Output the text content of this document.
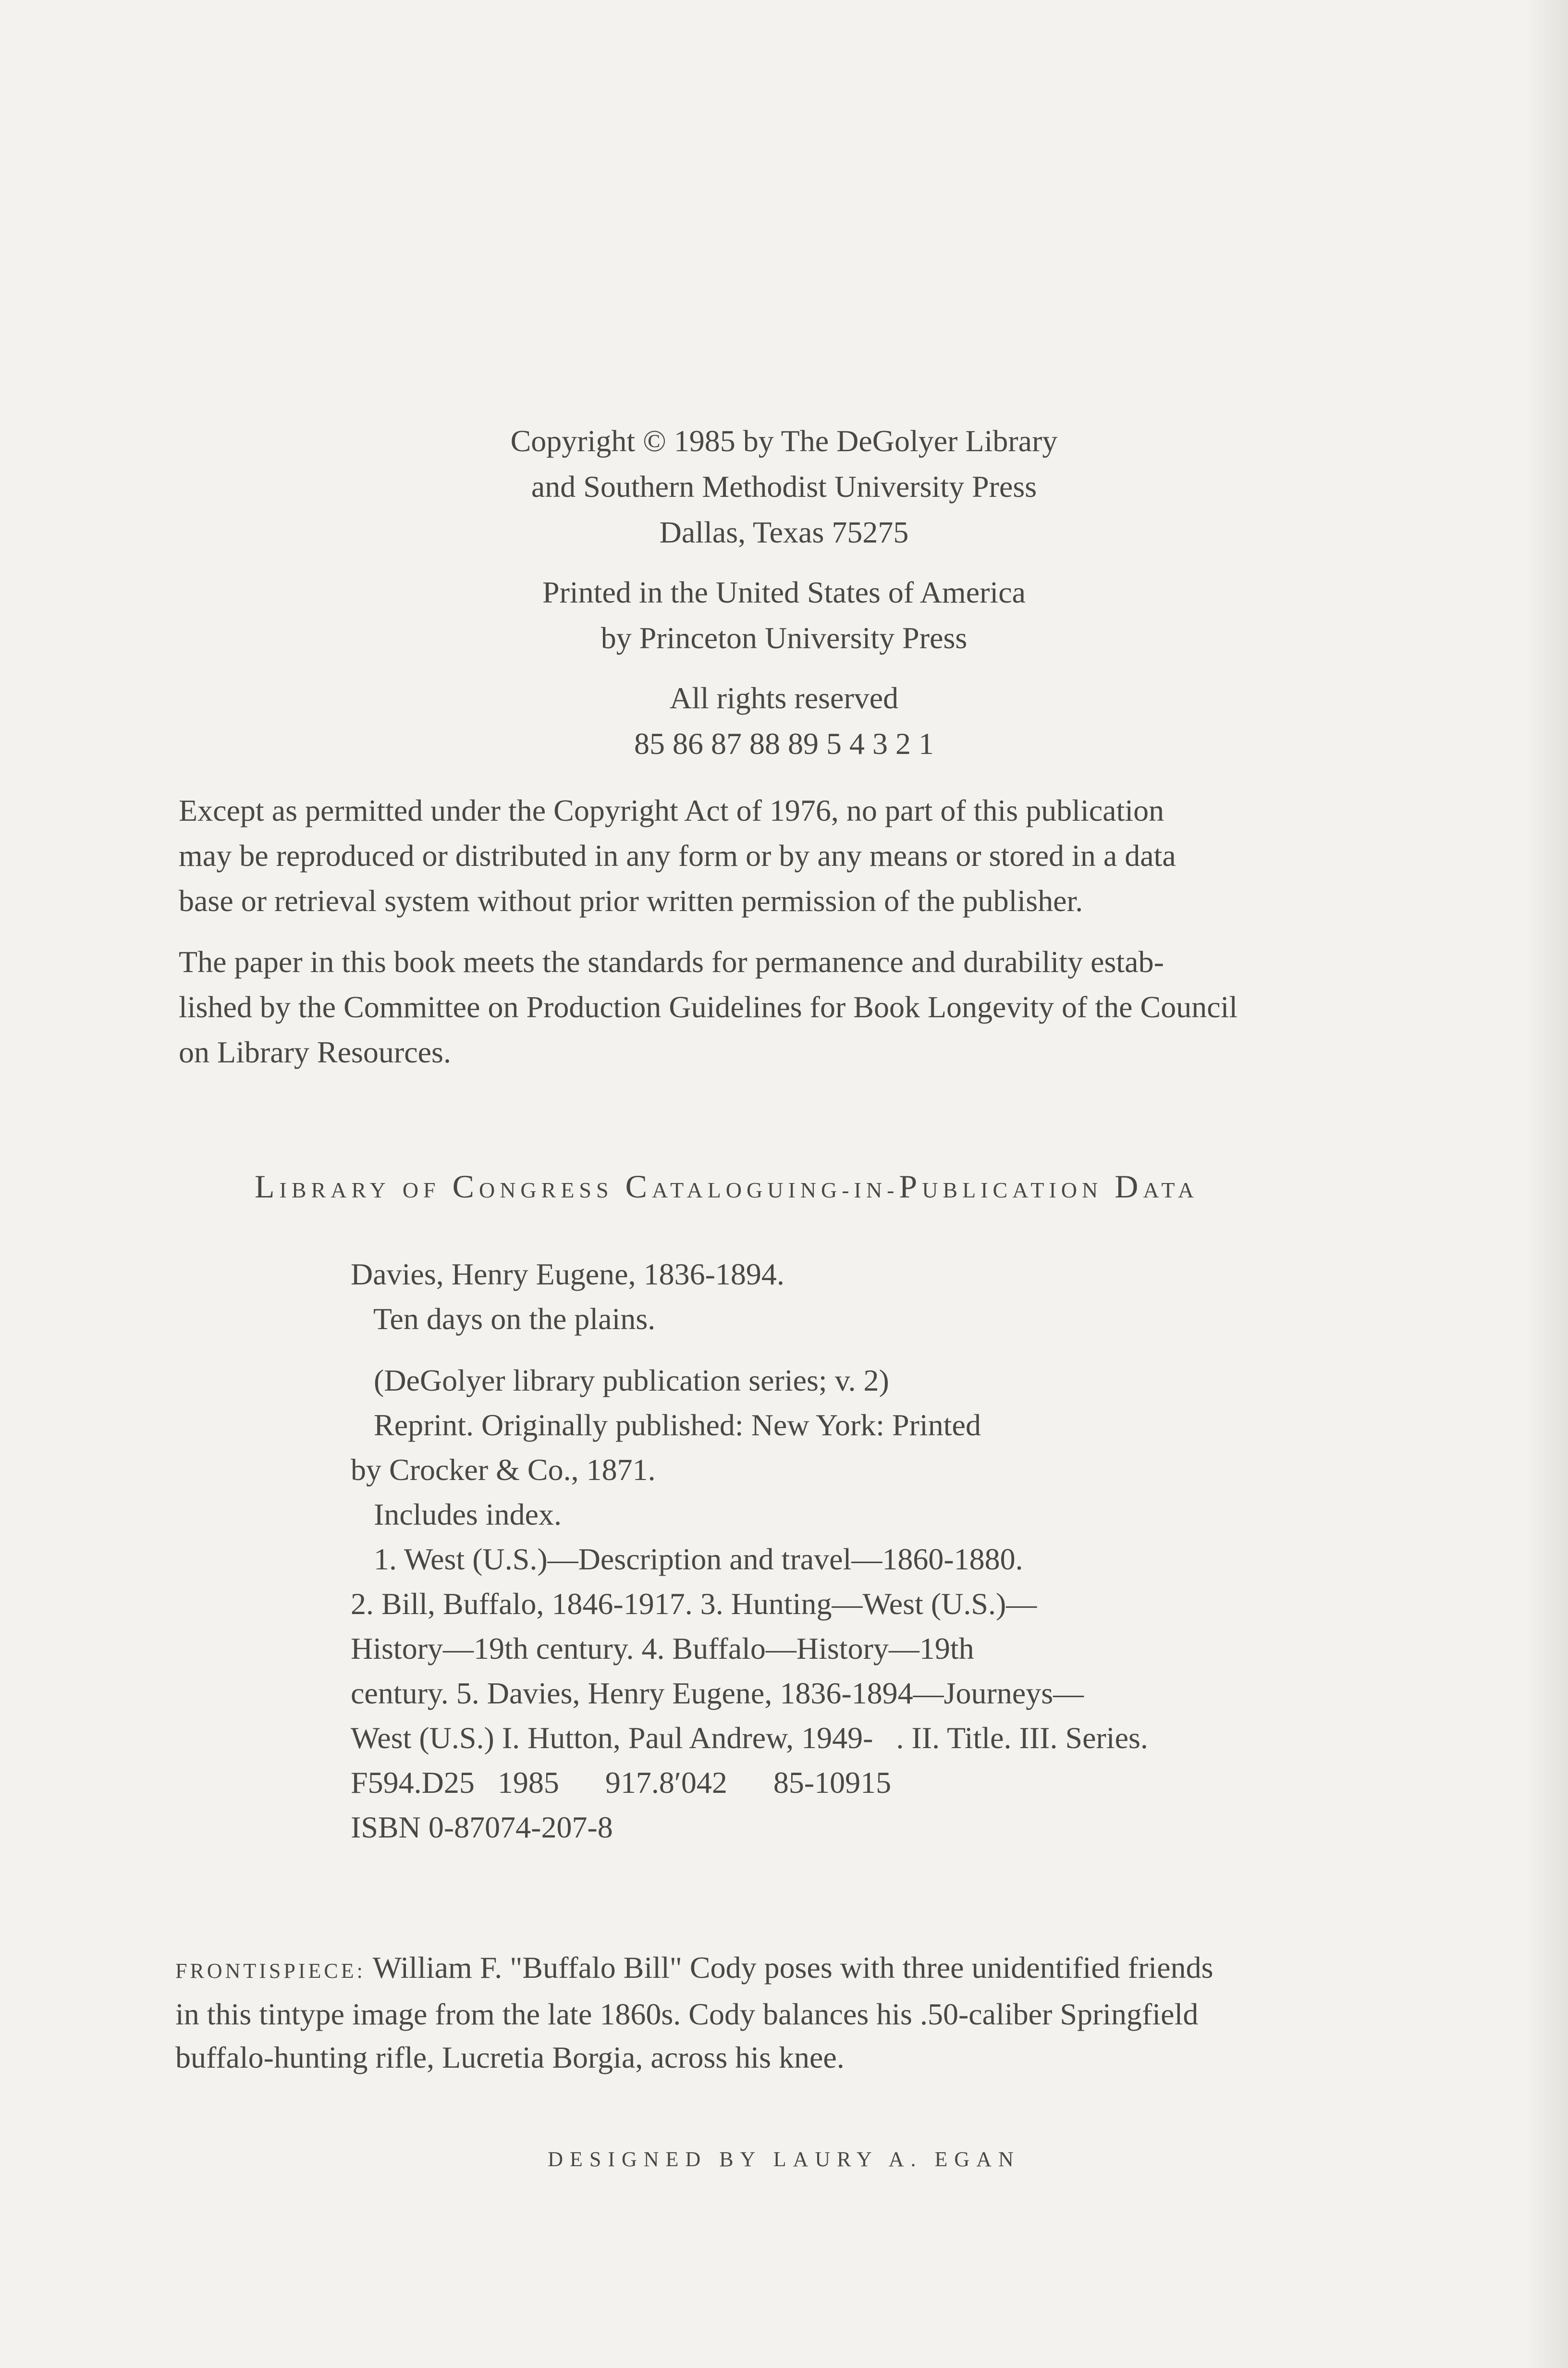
Copyright © 1985 by The DeGolyer Library
and Southern Methodist University Press
Dallas, Texas 75275
Printed in the United States of America
by Princeton University Press
All rights reserved
85 86 87 88 89 5 4 3 2 1
Except as permitted under the Copyright Act of 1976, no part of this publication
may be reproduced or distributed in any form or by any means or stored in a data
base or retrieval system without prior written permission of the publisher.
The paper in this book meets the standards for permanence and durability estab-
lished by the Committee on Production Guidelines for Book Longevity of the Council
on Library Resources.
LIBRARY OF CONGRESS CATALOGUING-IN-PUBLICATION DATA
Davies, Henry Eugene, 1836-1894.
Ten days on the plains.
(DeGolyer library publication series; v. 2)
Reprint. Originally published: New York: Printed
by Crocker & Co., 1871.
Includes index.
1. West (U.S.)—Description and travel—1860-1880.
2. Bill, Buffalo, 1846-1917. 3. Hunting—West (U.S.)—
History—19th century. 4. Buffalo—History—19th
century. 5. Davies, Henry Eugene, 1836-1894—Journeys—
West (U.S.) I. Hutton, Paul Andrew, 1949-   . II. Title. III. Series.
F594.D25   1985      917.8′042      85-10915
ISBN 0-87074-207-8
FRONTISPIECE: William F. "Buffalo Bill" Cody poses with three unidentified friends
in this tintype image from the late 1860s. Cody balances his .50-caliber Springfield
buffalo-hunting rifle, Lucretia Borgia, across his knee.
DESIGNED BY LAURY A. EGAN
